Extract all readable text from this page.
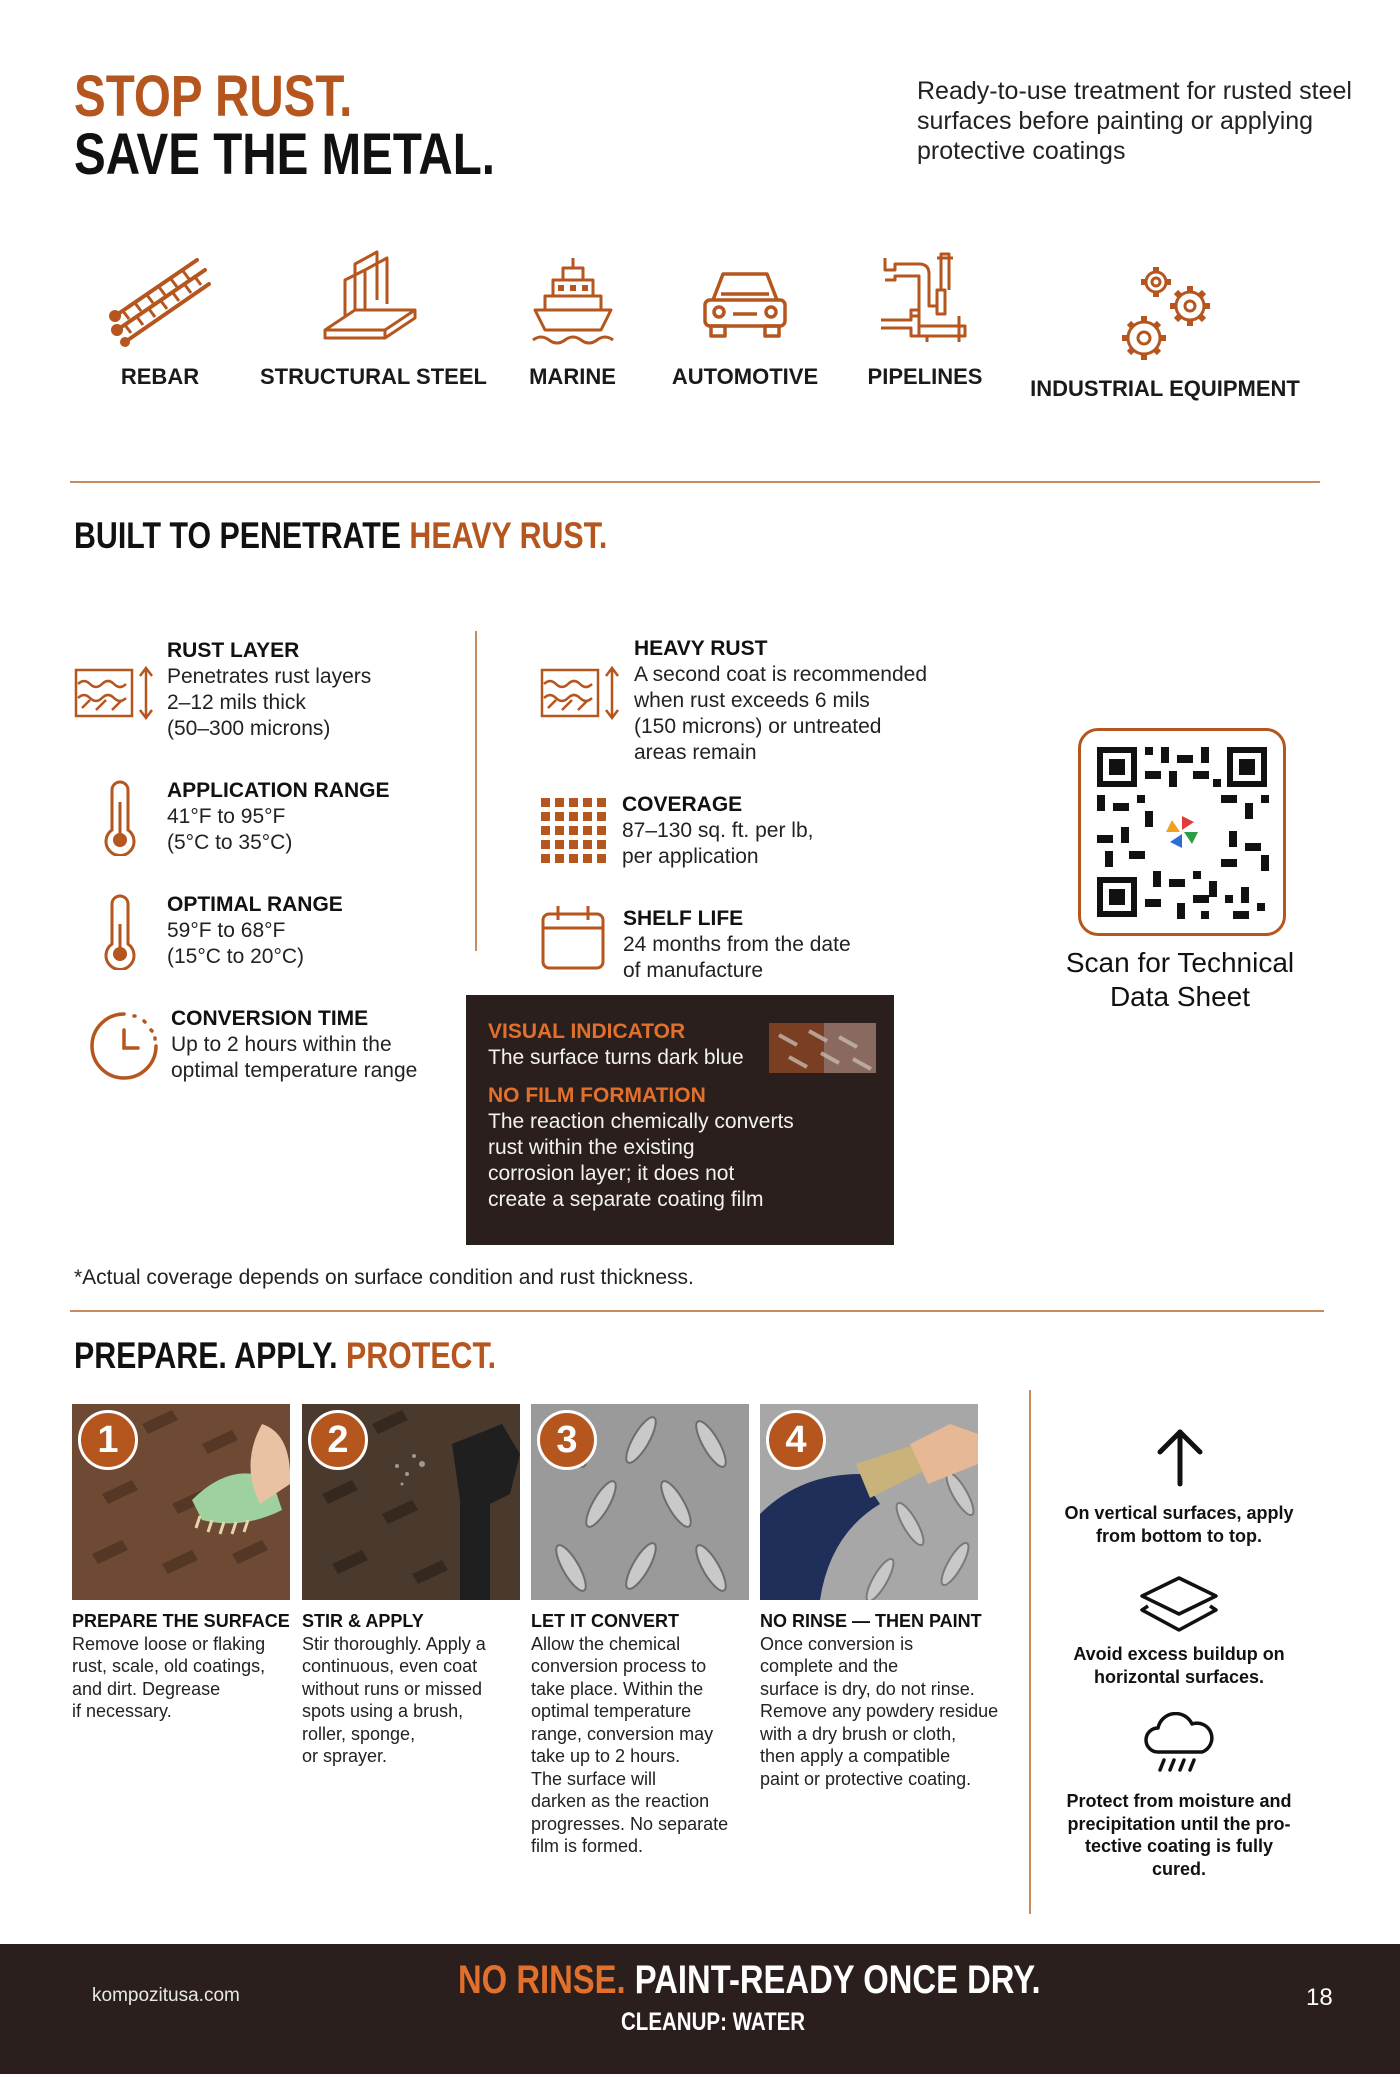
STOP RUST.
SAVE THE METAL.
Ready-to-use treatment for rusted steel surfaces before painting or applying protective coatings
REBAR	STRUCTURAL STEEL	MARINE	AUTOMOTIVE	PIPELINES	INDUSTRIAL EQUIPMENT
BUILT TO PENETRATE HEAVY RUST.
RUST LAYER
Penetrates rust layers
2–12 mils thick
(50–300 microns)
APPLICATION RANGE
41°F to 95°F
(5°C to 35°C)
OPTIMAL RANGE
59°F to 68°F
(15°C to 20°C)
CONVERSION TIME
Up to 2 hours within the
optimal temperature range
HEAVY RUST
A second coat is recommended
when rust exceeds 6 mils
(150 microns) or untreated
areas remain
COVERAGE
87–130 sq. ft. per lb,
per application
SHELF LIFE
24 months from the date
of manufacture
VISUAL INDICATOR
The surface turns dark blue
NO FILM FORMATION
The reaction chemically converts
rust within the existing
corrosion layer; it does not
create a separate coating film
Scan for Technical
Data Sheet
*Actual coverage depends on surface condition and rust thickness.
PREPARE. APPLY. PROTECT.
1	2	3	4
PREPARE THE SURFACE
Remove loose or flaking
rust, scale, old coatings,
and dirt. Degrease
if necessary.
STIR & APPLY
Stir thoroughly. Apply a
continuous, even coat
without runs or missed
spots using a brush,
roller, sponge,
or sprayer.
LET IT CONVERT
Allow the chemical
conversion process to
take place. Within the
optimal temperature
range, conversion may
take up to 2 hours.
The surface will
darken as the reaction
progresses. No separate
film is formed.
NO RINSE — THEN PAINT
Once conversion is
complete and the
surface is dry, do not rinse.
Remove any powdery residue
with a dry brush or cloth,
then apply a compatible
paint or protective coating.
On vertical surfaces, apply
from bottom to top.
Avoid excess buildup on
horizontal surfaces.
Protect from moisture and
precipitation until the pro-
tective coating is fully
cured.
kompozitusa.com	NO RINSE. PAINT-READY ONCE DRY.
CLEANUP: WATER
18
